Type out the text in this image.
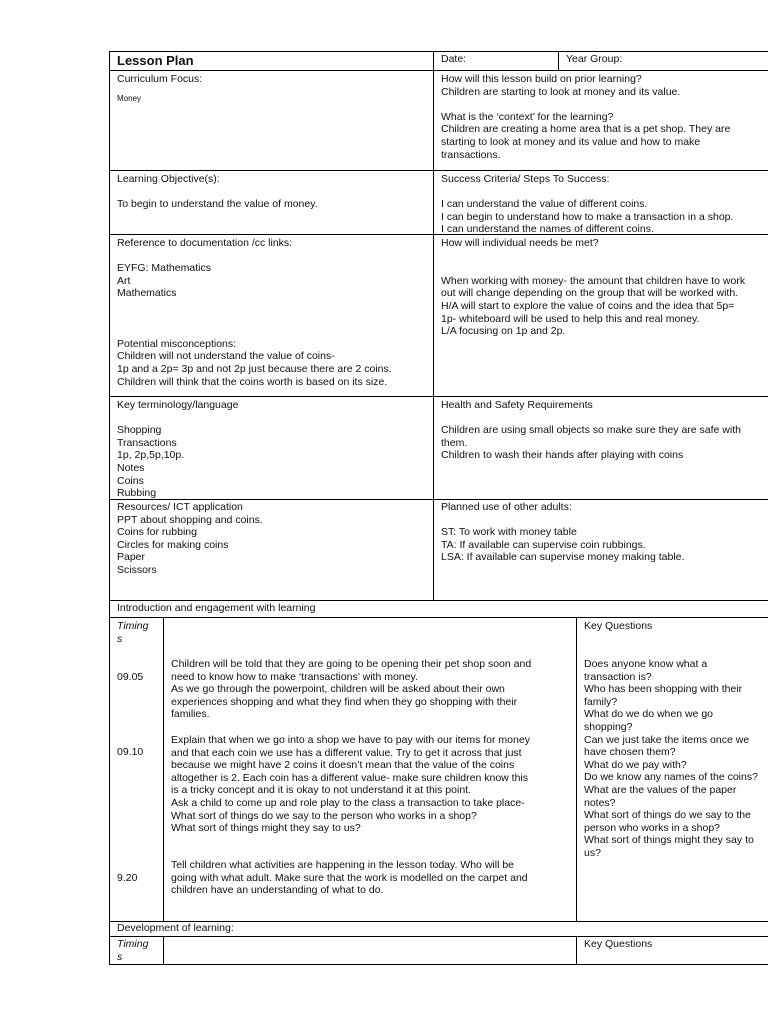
Lesson Plan	Date:	Year Group:
Curriculum Focus:
Money
How will this lesson build on prior learning?
Children are starting to look at money and its value.
What is the ‘context’ for the learning?
Children are creating a home area that is a pet shop. They are
starting to look at money and its value and how to make
transactions.
Learning Objective(s):
To begin to understand the value of money.
Success Criteria/ Steps To Success:
I can understand the value of different coins.
I can begin to understand how to make a transaction in a shop.
I can understand the names of different coins.
Reference to documentation /cc links:
EYFG: Mathematics
Art
Mathematics
Potential misconceptions:
Children will not understand the value of coins-
1p and a 2p= 3p and not 2p just because there are 2 coins.
Children will think that the coins worth is based on its size.
How will individual needs be met?
When working with money- the amount that children have to work
out will change depending on the group that will be worked with.
H/A will start to explore the value of coins and the idea that 5p=
1p- whiteboard will be used to help this and real money.
L/A focusing on 1p and 2p.
Key terminology/language
Shopping
Transactions
1p, 2p,5p,10p.
Notes
Coins
Rubbing
Health and Safety Requirements
Children are using small objects so make sure they are safe with
them.
Children to wash their hands after playing with coins
Resources/ ICT application
PPT about shopping and coins.
Coins for rubbing
Circles for making coins
Paper
Scissors
Planned use of other adults:
ST: To work with money table
TA: If available can supervise coin rubbings.
LSA: If available can supervise money making table.
Introduction and engagement with learning
Timing
s
09.05
09.10
9.20
Children will be told that they are going to be opening their pet shop soon and
need to know how to make ‘transactions’ with money.
As we go through the powerpoint, children will be asked about their own
experiences shopping and what they find when they go shopping with their
families.
Explain that when we go into a shop we have to pay with our items for money
and that each coin we use has a different value. Try to get it across that just
because we might have 2 coins it doesn’t mean that the value of the coins
altogether is 2. Each coin has a different value- make sure children know this
is a tricky concept and it is okay to not understand it at this point.
Ask a child to come up and role play to the class a transaction to take place-
What sort of things do we say to the person who works in a shop?
What sort of things might they say to us?
Tell children what activities are happening in the lesson today. Who will be
going with what adult. Make sure that the work is modelled on the carpet and
children have an understanding of what to do.
Key Questions
Does anyone know what a
transaction is?
Who has been shopping with their
family?
What do we do when we go
shopping?
Can we just take the items once we
have chosen them?
What do we pay with?
Do we know any names of the coins?
What are the values of the paper
notes?
What sort of things do we say to the
person who works in a shop?
What sort of things might they say to
us?
Development of learning:
Timing
s
Key Questions
